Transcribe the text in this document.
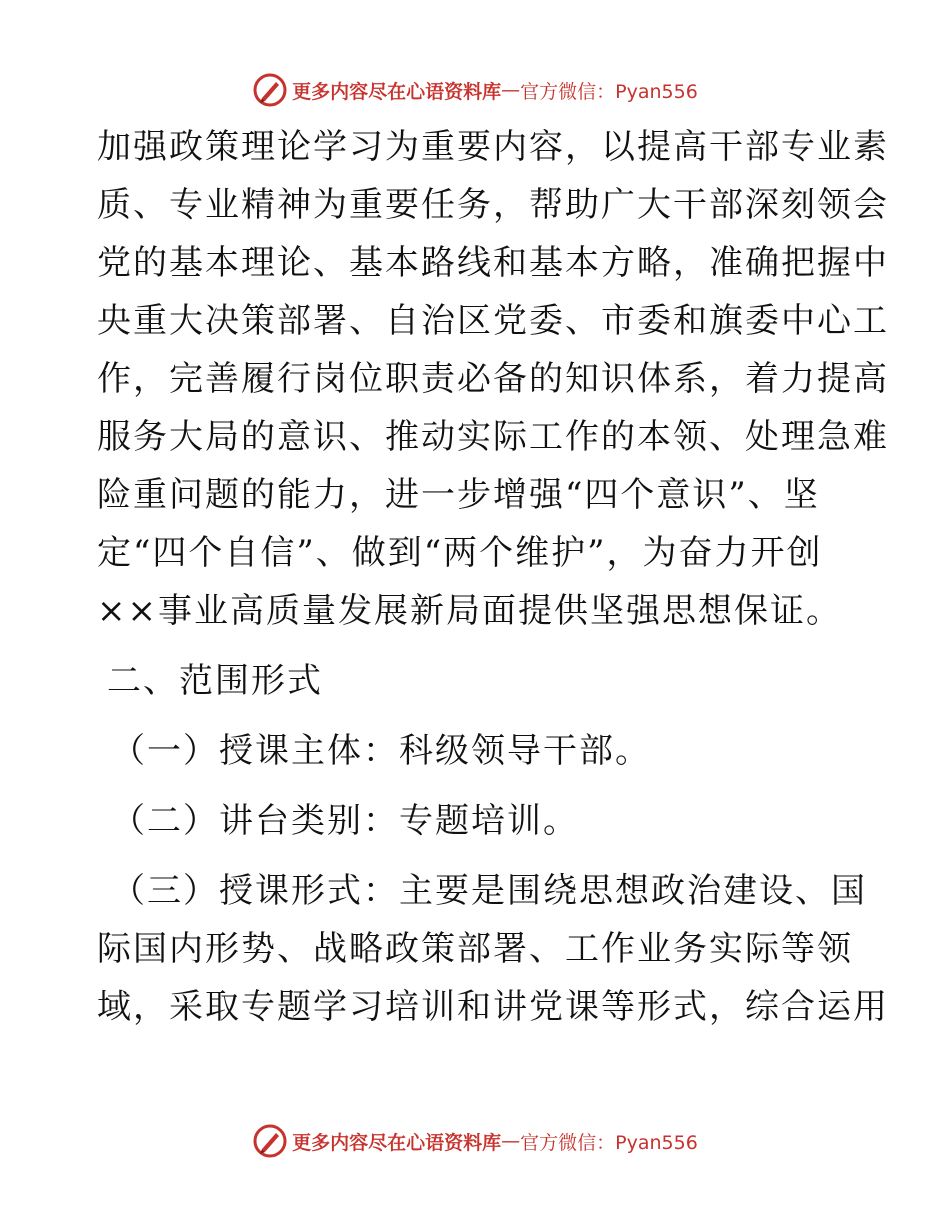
更多内容尽在心语资料库 — 官方微信：Pyan556
加强政策理论学习为重要内容，以提高干部专业素
质、专业精神为重要任务，帮助广大干部深刻领会
党的基本理论、基本路线和基本方略，准确把握中
央重大决策部署、自治区党委、市委和旗委中心工
作，完善履行岗位职责必备的知识体系，着力提高
服务大局的意识、推动实际工作的本领、处理急难
险重问题的能力，进一步增强“四个意识”、坚
定“四个自信”、做到“两个维护”，为奋力开创
××事业高质量发展新局面提供坚强思想保证。
二、范围形式
（一）授课主体：科级领导干部。
（二）讲台类别：专题培训。
（三）授课形式：主要是围绕思想政治建设、国
际国内形势、战略政策部署、工作业务实际等领
域，采取专题学习培训和讲党课等形式，综合运用
更多内容尽在心语资料库 — 官方微信：Pyan556
